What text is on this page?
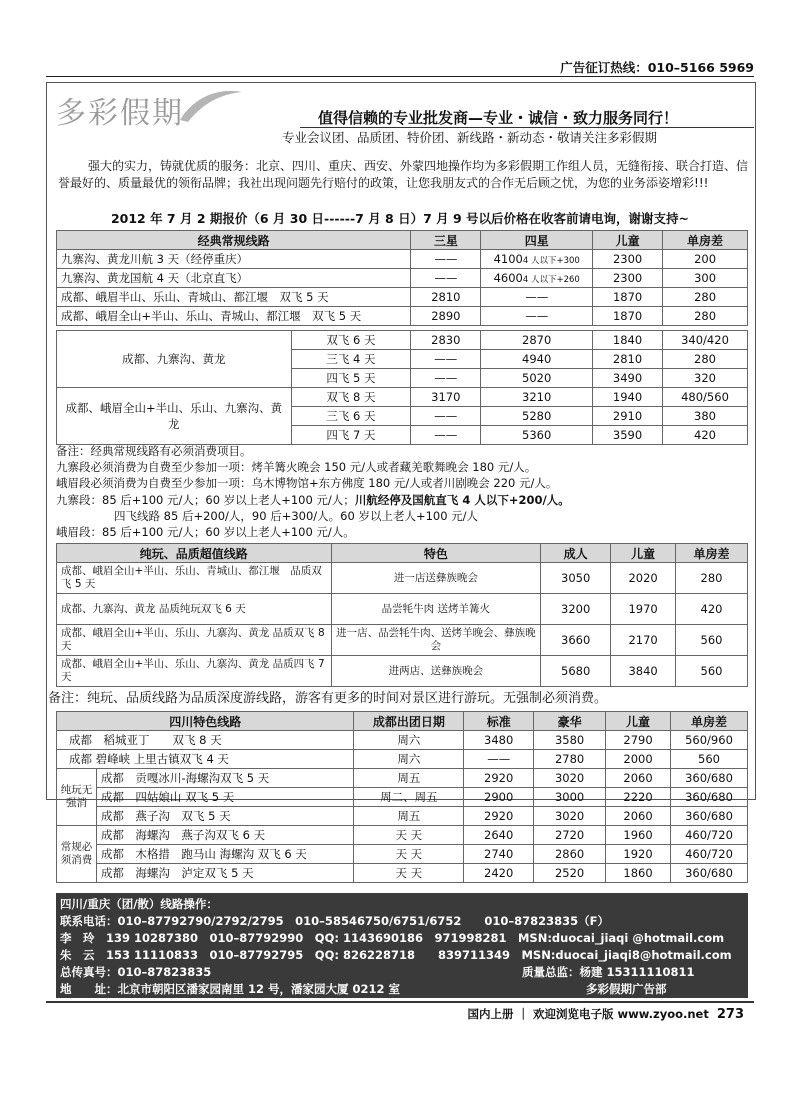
广告征订热线：010–5166 5969
多彩假期	值得信赖的专业批发商—专业・诚信・致力服务同行！
专业会议团、品质团、特价团、新线路・新动态・敬请关注多彩假期
强大的实力，铸就优质的服务：北京、四川、重庆、西安、外蒙四地操作均为多彩假期工作组人员，无缝衔接、联合打造、信誉最好的、质量最优的领衔品牌；我社出现问题先行赔付的政策，让您我朋友式的合作无后顾之忧，为您的业务添姿增彩!!!
2012 年 7 月 2 期报价（6 月 30 日------7 月 8 日）7 月 9 号以后价格在收客前请电询，谢谢支持~
经典常规线路	三星	四星	儿童	单房差
九寨沟、黄龙川航 3 天（经停重庆）	——	41004 人以下+300	2300	200
九寨沟、黄龙国航 4 天（北京直飞）	——	46004 人以下+260	2300	300
成都、峨眉半山、乐山、青城山、都江堰　双飞 5 天	2810	——	1870	280
成都、峨眉全山+半山、乐山、青城山、都江堰　双飞 5 天	2890	——	1870	280
成都、九寨沟、黄龙	双飞 6 天	2830	2870	1840	340/420
	三飞 4 天	——	4940	2810	280
	四飞 5 天	——	5020	3490	320
成都、峨眉全山+半山、乐山、九寨沟、黄龙	双飞 8 天	3170	3210	1940	480/560
	三飞 6 天	——	5280	2910	380
	四飞 7 天	——	5360	3590	420
备注：经典常规线路有必须消费项目。
九寨段必须消费为自费至少参加一项：烤羊篝火晚会 150 元/人或者藏羌歌舞晚会 180 元/人。
峨眉段必须消费为自费至少参加一项：乌木博物馆+东方佛度 180 元/人或者川剧晚会 220 元/人。
九寨段：85 后+100 元/人；60 岁以上老人+100 元/人；川航经停及国航直飞 4 人以下+200/人。
四飞线路 85 后+200/人，90 后+300/人。60 岁以上老人+100 元/人
峨眉段：85 后+100 元/人；60 岁以上老人+100 元/人。
纯玩、品质超值线路	特色	成人	儿童	单房差
成都、峨眉全山+半山、乐山、青城山、都江堰　品质双飞 5 天	进一店送彝族晚会	3050	2020	280
成都、九寨沟、黄龙 品质纯玩双飞 6 天	品尝牦牛肉 送烤羊篝火	3200	1970	420
成都、峨眉全山+半山、乐山、九寨沟、黄龙 品质双飞 8 天	进一店、品尝牦牛肉、送烤羊晚会、彝族晚会	3660	2170	560
成都、峨眉全山+半山、乐山、九寨沟、黄龙 品质四飞 7 天	进两店、送彝族晚会	5680	3840	560
备注：纯玩、品质线路为品质深度游线路，游客有更多的时间对景区进行游玩。无强制必须消费。
四川特色线路		成都出团日期	标准	豪华	儿童	单房差
成都　稻城亚丁　　双飞 8 天		周六	3480	3580	2790	560/960
成都 碧峰峡 上里古镇双飞 4 天		周六	——	2780	2000	560
纯玩无强消	成都　贡嘎冰川-海螺沟双飞 5 天	周五	2920	3020	2060	360/680
	成都　四姑娘山 双飞 5 天	周二、周五	2900	3000	2220	360/680
	成都　燕子沟　双飞 5 天	周五	2920	3020	2060	360/680
常规必须消费	成都　海螺沟　燕子沟双飞 6 天	天 天	2640	2720	1960	460/720
	成都　木格措　跑马山 海螺沟 双飞 6 天	天 天	2740	2860	1920	460/720
	成都　海螺沟　泸定双飞 5 天	天 天	2420	2520	1860	360/680
四川/重庆（团/散）线路操作：
联系电话：010–87792790/2792/2795　010–58546750/6751/6752　　010–87823835（F）
李　玲　 139 10287380　010–87792990　QQ: 1143690186　971998281　MSN:duocai_jiaqi @hotmail.com
朱　云　 153 11110833　010–87792795　QQ: 826228718　　839711349　MSN:duocai_jiaqi8@hotmail.com
总传真号：010–87823835	质量总监：杨建 15311110811
地　　址：北京市朝阳区潘家园南里 12 号，潘家园大厦 0212 室	多彩假期广告部
国内上册 ｜ 欢迎浏览电子版 www.zyoo.net 273
